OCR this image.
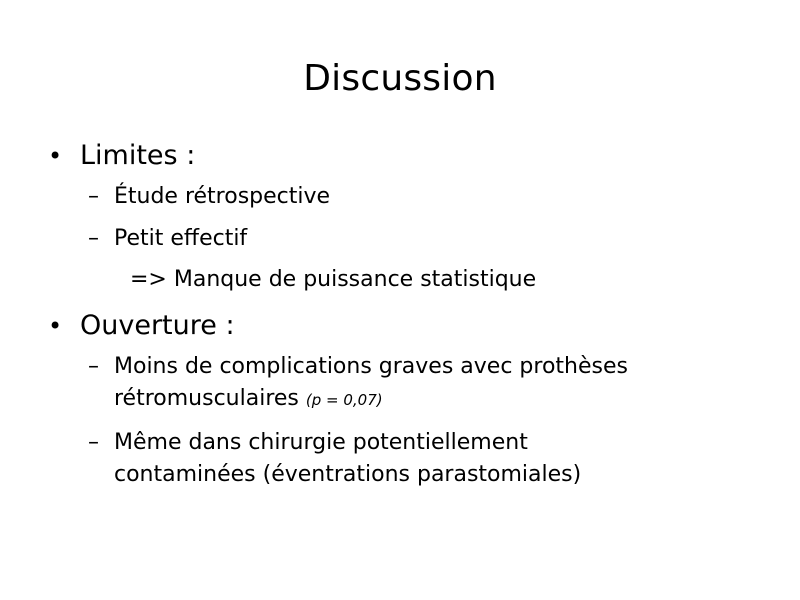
Discussion
• Limites :
– Étude rétrospective
– Petit effectif
=> Manque de puissance statistique
• Ouverture :
– Moins de complications graves avec prothèses
rétromusculaires (p = 0,07)
– Même dans chirurgie potentiellement
contaminées (éventrations parastomiales)
